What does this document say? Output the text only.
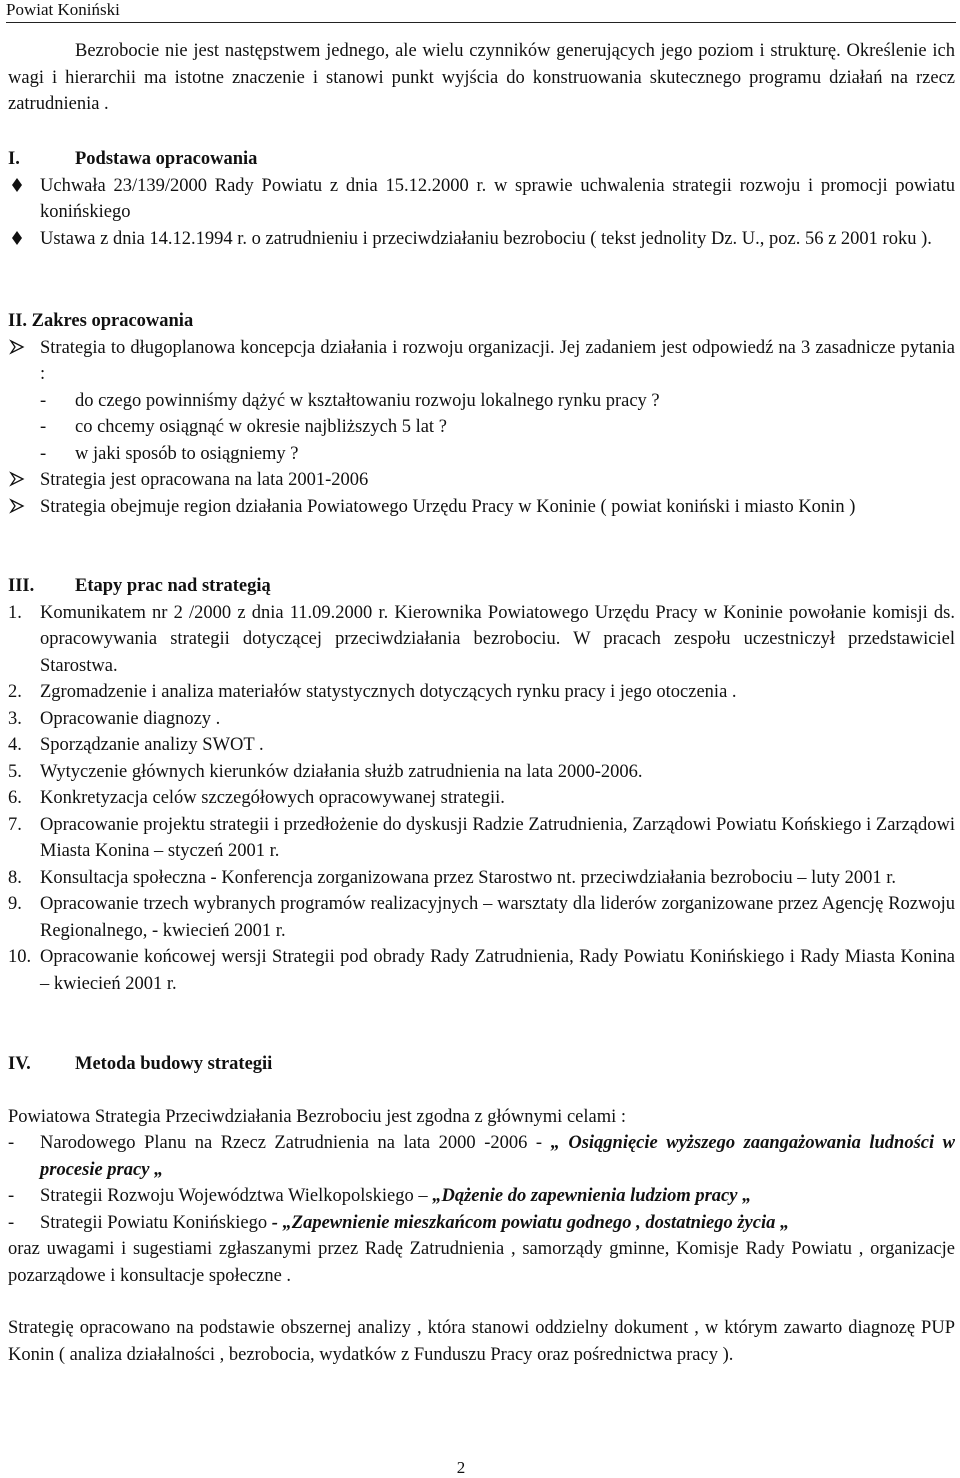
Powiat Koniński

Bezrobocie nie jest następstwem jednego, ale wielu czynników generujących jego poziom i strukturę. Określenie ich wagi i hierarchii ma istotne znaczenie i stanowi punkt wyjścia do konstruowania skutecznego programu działań na rzecz zatrudnienia .

I.	Podstawa opracowania
Uchwała 23/139/2000 Rady Powiatu z dnia 15.12.2000 r. w sprawie uchwalenia strategii rozwoju i promocji powiatu konińskiego
Ustawa z dnia 14.12.1994 r. o zatrudnieniu i przeciwdziałaniu bezrobociu ( tekst jednolity Dz. U., poz. 56 z 2001 roku ).
II. Zakres opracowania
Strategia to długoplanowa koncepcja działania i rozwoju organizacji. Jej zadaniem jest odpowiedź na 3 zasadnicze pytania :
- do czego powinniśmy dążyć w kształtowaniu rozwoju lokalnego rynku pracy ?
- co chcemy osiągnąć w okresie najbliższych 5 lat ?
- w jaki sposób to osiągniemy ?
Strategia jest opracowana na lata 2001-2006
Strategia obejmuje region działania Powiatowego Urzędu Pracy w Koninie ( powiat koniński i miasto Konin )
III. Etapy prac nad strategią
1. Komunikatem nr 2 /2000 z dnia 11.09.2000 r. Kierownika Powiatowego Urzędu Pracy w Koninie powołanie komisji ds. opracowywania strategii dotyczącej przeciwdziałania bezrobociu. W pracach zespołu uczestniczył przedstawiciel Starostwa.
2. Zgromadzenie i analiza materiałów statystycznych dotyczących rynku pracy i jego otoczenia .
3. Opracowanie diagnozy .
4. Sporządzanie analizy SWOT .
5. Wytyczenie głównych kierunków działania służb zatrudnienia na lata 2000-2006.
6. Konkretyzacja celów szczegółowych opracowywanej strategii.
7. Opracowanie projektu strategii i przedłożenie do dyskusji Radzie Zatrudnienia, Zarządowi Powiatu Końskiego i Zarządowi Miasta Konina – styczeń 2001 r.
8. Konsultacja społeczna - Konferencja zorganizowana przez Starostwo nt. przeciwdziałania bezrobociu – luty 2001 r.
9. Opracowanie trzech wybranych programów realizacyjnych – warsztaty dla liderów zorganizowane przez Agencję Rozwoju Regionalnego, - kwiecień 2001 r.
10. Opracowanie końcowej wersji Strategii pod obrady Rady Zatrudnienia, Rady Powiatu Konińskiego i Rady Miasta Konina – kwiecień 2001 r.
IV. Metoda budowy strategii

Powiatowa Strategia Przeciwdziałania Bezrobociu jest zgodna z głównymi celami :

- Narodowego Planu na Rzecz Zatrudnienia na lata 2000 -2006 - „ Osiągnięcie wyższego zaangażowania ludności w procesie pracy „
- Strategii Rozwoju Województwa Wielkopolskiego – „Dążenie do zapewnienia ludziom pracy „
- Strategii Powiatu Konińskiego - „Zapewnienie mieszkańcom powiatu godnego , dostatniego życia „

oraz uwagami i sugestiami zgłaszanymi przez Radę Zatrudnienia , samorządy gminne, Komisje Rady Powiatu , organizacje pozarządowe i konsultacje społeczne .

Strategię opracowano na podstawie obszernej analizy , która stanowi oddzielny dokument , w którym zawarto diagnozę PUP Konin ( analiza działalności , bezrobocia, wydatków z Funduszu Pracy oraz pośrednictwa pracy ).

2
